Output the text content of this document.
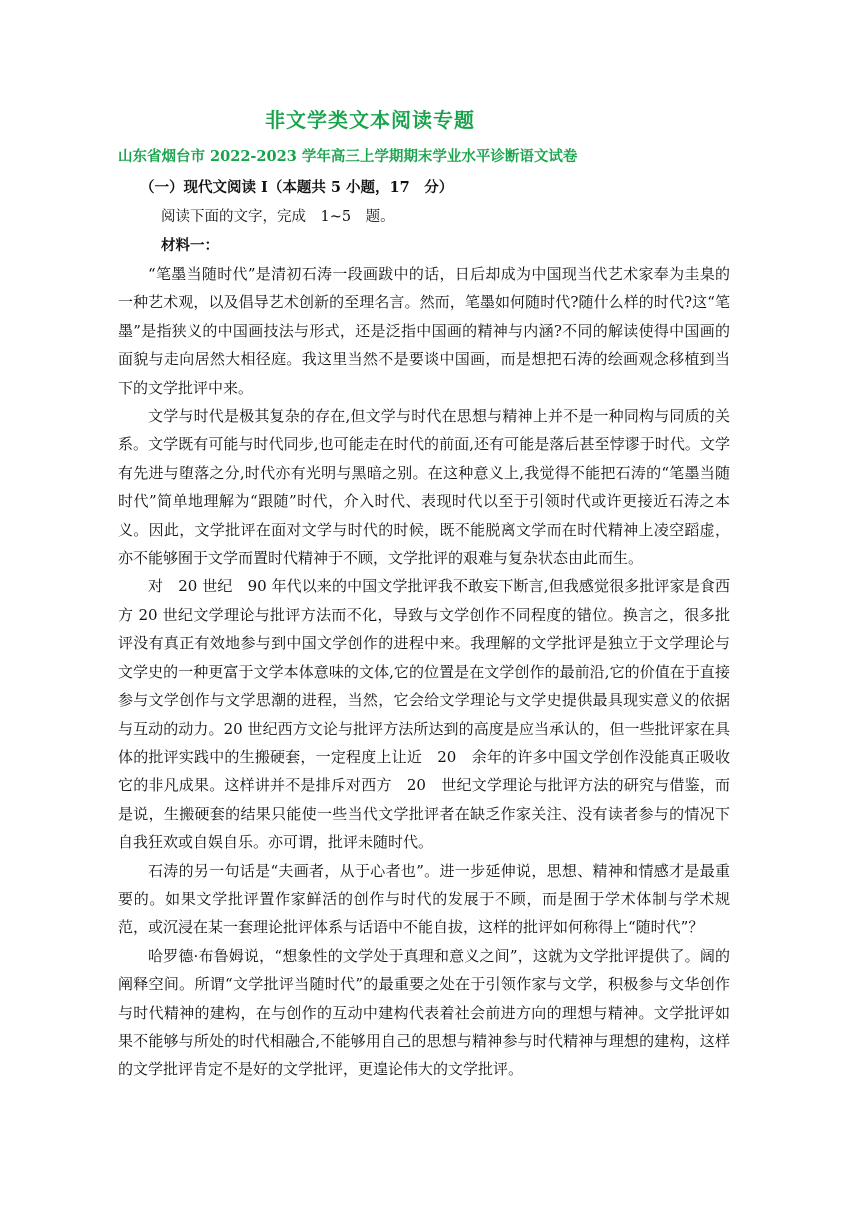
非文学类文本阅读专题
山东省烟台市 2022-2023 学年高三上学期期末学业水平诊断语文试卷
（一）现代文阅读 I（本题共 5 小题，17　分）
阅读下面的文字，完成　1~5　题。
材料一：

“笔墨当随时代”是清初石涛一段画跋中的话，日后却成为中国现当代艺术家奉为圭臬的一种艺术观，以及倡导艺术创新的至理名言。然而，笔墨如何随时代?随什么样的时代?这“笔墨”是指狭义的中国画技法与形式，还是泛指中国画的精神与内涵?不同的解读使得中国画的面貌与走向居然大相径庭。我这里当然不是要谈中国画，而是想把石涛的绘画观念移植到当下的文学批评中来。

文学与时代是极其复杂的存在,但文学与时代在思想与精神上并不是一种同构与同质的关系。文学既有可能与时代同步,也可能走在时代的前面,还有可能是落后甚至悖谬于时代。文学有先进与堕落之分,时代亦有光明与黑暗之别。在这种意义上,我觉得不能把石涛的“笔墨当随时代”简单地理解为“跟随”时代，介入时代、表现时代以至于引领时代或许更接近石涛之本义。因此，文学批评在面对文学与时代的时候，既不能脱离文学而在时代精神上凌空蹈虚，亦不能够囿于文学而置时代精神于不顾，文学批评的艰难与复杂状态由此而生。

对　20 世纪　90 年代以来的中国文学批评我不敢妄下断言,但我感觉很多批评家是食西方 20 世纪文学理论与批评方法而不化，导致与文学创作不同程度的错位。换言之，很多批评没有真正有效地参与到中国文学创作的进程中来。我理解的文学批评是独立于文学理论与 文学史的一种更富于文学本体意味的文体,它的位置是在文学创作的最前沿,它的价值在于直接参与文学创作与文学思潮的进程，当然，它会给文学理论与文学史提供最具现实意义的依据与互动的动力。20 世纪西方文论与批评方法所达到的高度是应当承认的，但一些批评家在具体的批评实践中的生搬硬套，一定程度上让近　20　余年的许多中国文学创作没能真正吸收它的非凡成果。这样讲并不是排斥对西方　20　世纪文学理论与批评方法的研究与借鉴，而是说，生搬硬套的结果只能使一些当代文学批评者在缺乏作家关注、没有读者参与的情况下自我狂欢或自娱自乐。亦可谓，批评未随时代。

石涛的另一句话是“夫画者，从于心者也”。进一步延伸说，思想、精神和情感才是最重要的。如果文学批评置作家鲜活的创作与时代的发展于不顾，而是囿于学术体制与学术规范，或沉浸在某一套理论批评体系与话语中不能自拔，这样的批评如何称得上“随时代”？

哈罗德·布鲁姆说，“想象性的文学处于真理和意义之间”，这就为文学批评提供了。阔的阐释空间。所谓“文学批评当随时代”的最重要之处在于引领作家与文学，积极参与文华创作与时代精神的建构，在与创作的互动中建构代表着社会前进方向的理想与精神。文学批评如果不能够与所处的时代相融合,不能够用自己的思想与精神参与时代精神与理想的建构，这样的文学批评肯定不是好的文学批评，更遑论伟大的文学批评。
